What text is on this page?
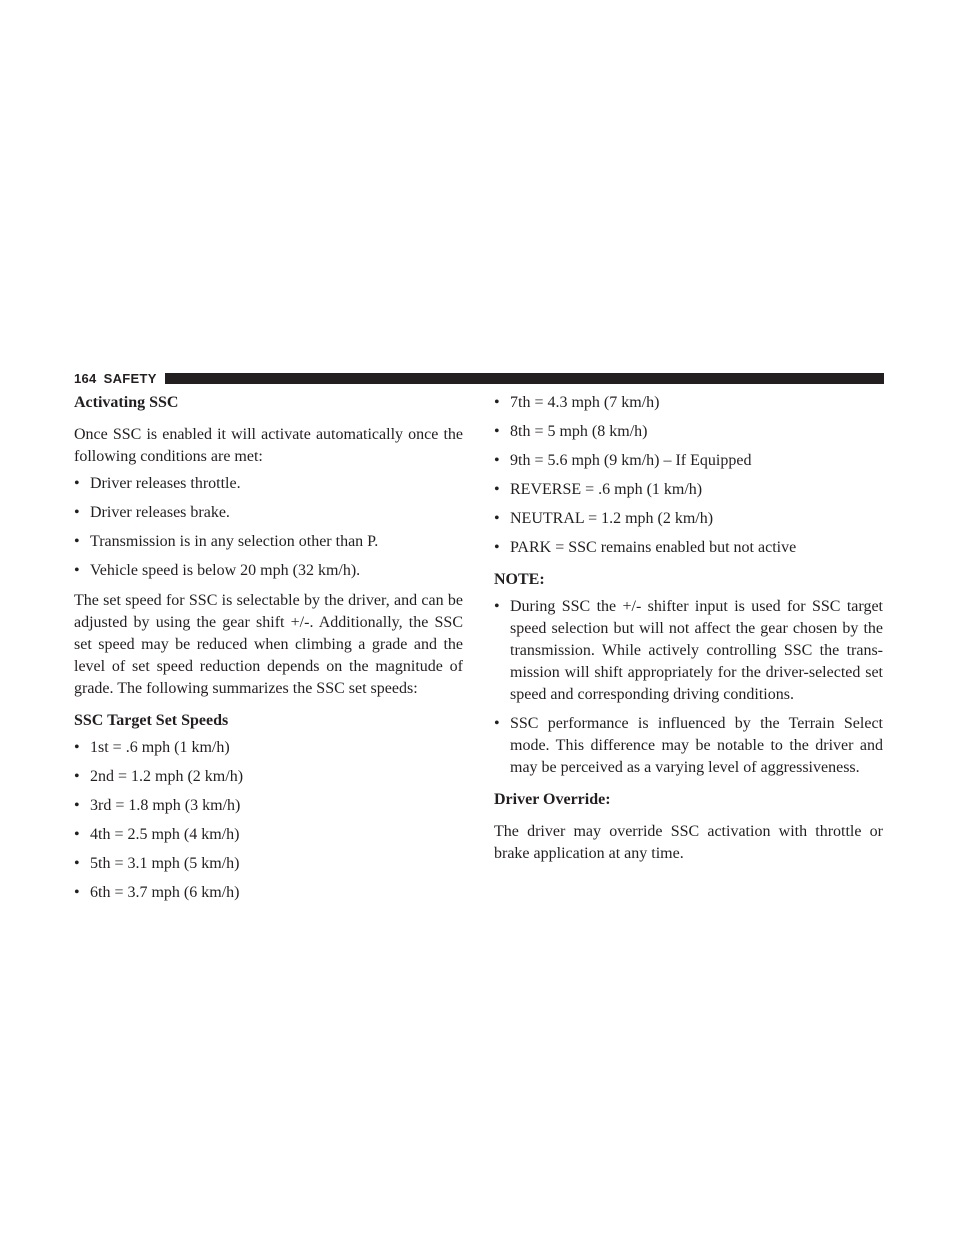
164 SAFETY

Activating SSC

Once SSC is enabled it will activate automatically once the following conditions are met:

• Driver releases throttle.
• Driver releases brake.
• Transmission is in any selection other than P.
• Vehicle speed is below 20 mph (32 km/h).

The set speed for SSC is selectable by the driver, and can be adjusted by using the gear shift +/-. Additionally, the SSC set speed may be reduced when climbing a grade and the level of set speed reduction depends on the magnitude of grade. The following summarizes the SSC set speeds:

SSC Target Set Speeds

• 1st = .6 mph (1 km/h)
• 2nd = 1.2 mph (2 km/h)
• 3rd = 1.8 mph (3 km/h)
• 4th = 2.5 mph (4 km/h)
• 5th = 3.1 mph (5 km/h)
• 6th = 3.7 mph (6 km/h)
• 7th = 4.3 mph (7 km/h)
• 8th = 5 mph (8 km/h)
• 9th = 5.6 mph (9 km/h) – If Equipped
• REVERSE = .6 mph (1 km/h)
• NEUTRAL = 1.2 mph (2 km/h)
• PARK = SSC remains enabled but not active

NOTE:

• During SSC the +/- shifter input is used for SSC target speed selection but will not affect the gear chosen by the transmission. While actively controlling SSC the trans-mission will shift appropriately for the driver-selected set speed and corresponding driving conditions.
• SSC performance is influenced by the Terrain Select mode. This difference may be notable to the driver and may be perceived as a varying level of aggressiveness.

Driver Override:

The driver may override SSC activation with throttle or brake application at any time.
